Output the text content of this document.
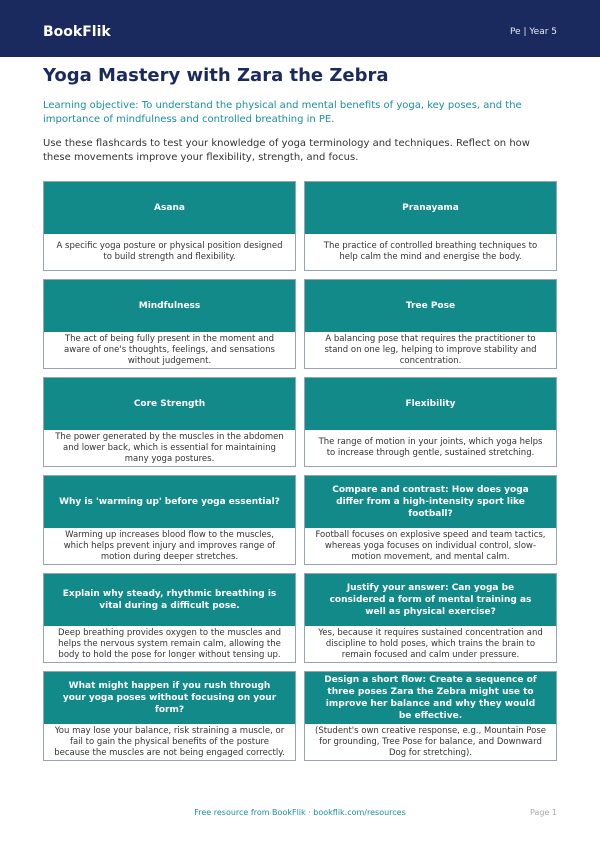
BookFlik	Pe | Year 5
Yoga Mastery with Zara the Zebra
Learning objective: To understand the physical and mental benefits of yoga, key poses, and the importance of mindfulness and controlled breathing in PE.
Use these flashcards to test your knowledge of yoga terminology and techniques. Reflect on how these movements improve your flexibility, strength, and focus.
Asana
A specific yoga posture or physical position designed to build strength and flexibility.
Pranayama
The practice of controlled breathing techniques to help calm the mind and energise the body.
Mindfulness
The act of being fully present in the moment and aware of one's thoughts, feelings, and sensations without judgement.
Tree Pose
A balancing pose that requires the practitioner to stand on one leg, helping to improve stability and concentration.
Core Strength
The power generated by the muscles in the abdomen and lower back, which is essential for maintaining many yoga postures.
Flexibility
The range of motion in your joints, which yoga helps to increase through gentle, sustained stretching.
Why is 'warming up' before yoga essential?
Warming up increases blood flow to the muscles, which helps prevent injury and improves range of motion during deeper stretches.
Compare and contrast: How does yoga differ from a high-intensity sport like football?
Football focuses on explosive speed and team tactics, whereas yoga focuses on individual control, slow-motion movement, and mental calm.
Explain why steady, rhythmic breathing is vital during a difficult pose.
Deep breathing provides oxygen to the muscles and helps the nervous system remain calm, allowing the body to hold the pose for longer without tensing up.
Justify your answer: Can yoga be considered a form of mental training as well as physical exercise?
Yes, because it requires sustained concentration and discipline to hold poses, which trains the brain to remain focused and calm under pressure.
What might happen if you rush through your yoga poses without focusing on your form?
You may lose your balance, risk straining a muscle, or fail to gain the physical benefits of the posture because the muscles are not being engaged correctly.
Design a short flow: Create a sequence of three poses Zara the Zebra might use to improve her balance and why they would be effective.
(Student's own creative response, e.g., Mountain Pose for grounding, Tree Pose for balance, and Downward Dog for stretching).
Free resource from BookFlik · bookflik.com/resources	Page 1
